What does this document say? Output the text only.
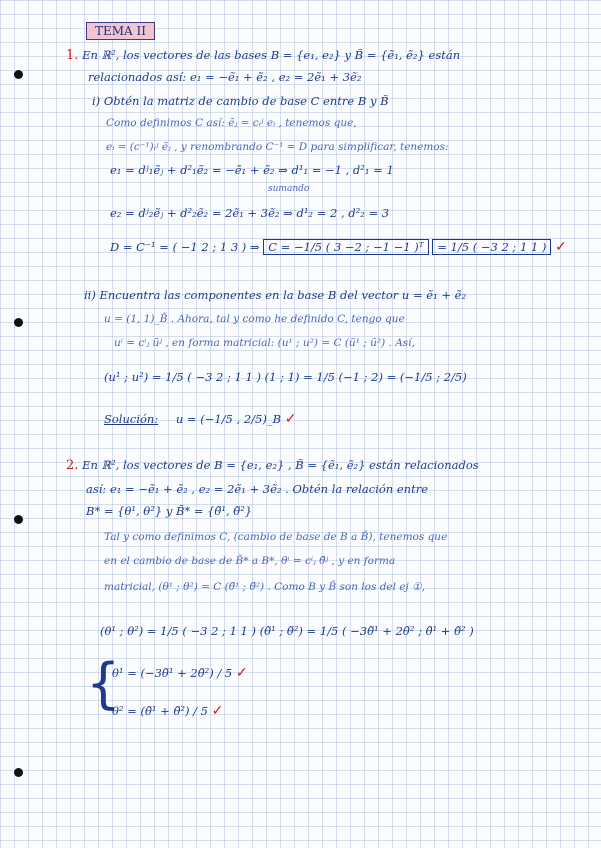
TEMA II
1. En ℝ², los vectores de las bases B = {e₁, e₂} y B̃ = {ẽ₁, ẽ₂} están
relacionados así: e₁ = −ẽ₁ + ẽ₂ , e₂ = 2ẽ₁ + 3ẽ₂
i) Obtén la matriz de cambio de base C entre B y B̃
Como definimos C así: ẽⱼ = cᵢʲ eᵢ , tenemos que,
eᵢ = (c⁻¹)ᵢʲ ẽⱼ , y renombrando C⁻¹ = D para simplificar, tenemos:
e₁ = dʲ₁ẽⱼ + d²₁ẽ₂ = −ẽ₁ + ẽ₂ ⇒ d¹₁ = −1 , d²₁ = 1
sumando
e₂ = dʲ₂ẽⱼ + d²₂ẽ₂ = 2ẽ₁ + 3ẽ₂ ⇒ d¹₂ = 2 , d²₂ = 3
D = C⁻¹ = ( −1 2 ; 1 3 ) ⇒ C = −1/5 ( 3 −2 ; −1 −1 )ᵀ = 1/5 ( −3 2 ; 1 1 ) ✓
ii) Encuentra las componentes en la base B del vector u = ẽ₁ + ẽ₂
u = (1, 1)_B̃ . Ahora, tal y como he definido C, tengo que
uⁱ = cⁱⱼ ũʲ , en forma matricial: (u¹ ; u²) = C (ũ¹ ; ũ²) . Así,
(u¹ ; u²) = 1/5 ( −3 2 ; 1 1 ) (1 ; 1) = 1/5 (−1 ; 2) = (−1/5 ; 2/5)
Solución: u = (−1/5 , 2/5)_B ✓
2. En ℝ², los vectores de B = {e₁, e₂} , B̃ = {ẽ₁, ẽ₂} están relacionados
así: e₁ = −ẽ₁ + ẽ₂ , e₂ = 2ẽ₁ + 3ẽ₂ . Obtén la relación entre
B* = {θ¹, θ²} y B̃* = {θ̃¹, θ̃²}
Tal y como definimos C, (cambio de base de B a B̃), tenemos que
en el cambio de base de B̃* a B*, θⁱ = cⁱⱼ θ̃ʲ , y en forma
matricial, (θ¹ ; θ²) = C (θ̃¹ ; θ̃²) . Como B y B̃ son los del ej ①,
(θ¹ ; θ²) = 1/5 ( −3 2 ; 1 1 ) (θ̃¹ ; θ̃²) = 1/5 ( −3θ̃¹ + 2θ̃² ; θ̃¹ + θ̃² )
{
θ¹ = (−3θ̃¹ + 2θ̃²) / 5 ✓
θ² = (θ̃¹ + θ̃²) / 5 ✓
